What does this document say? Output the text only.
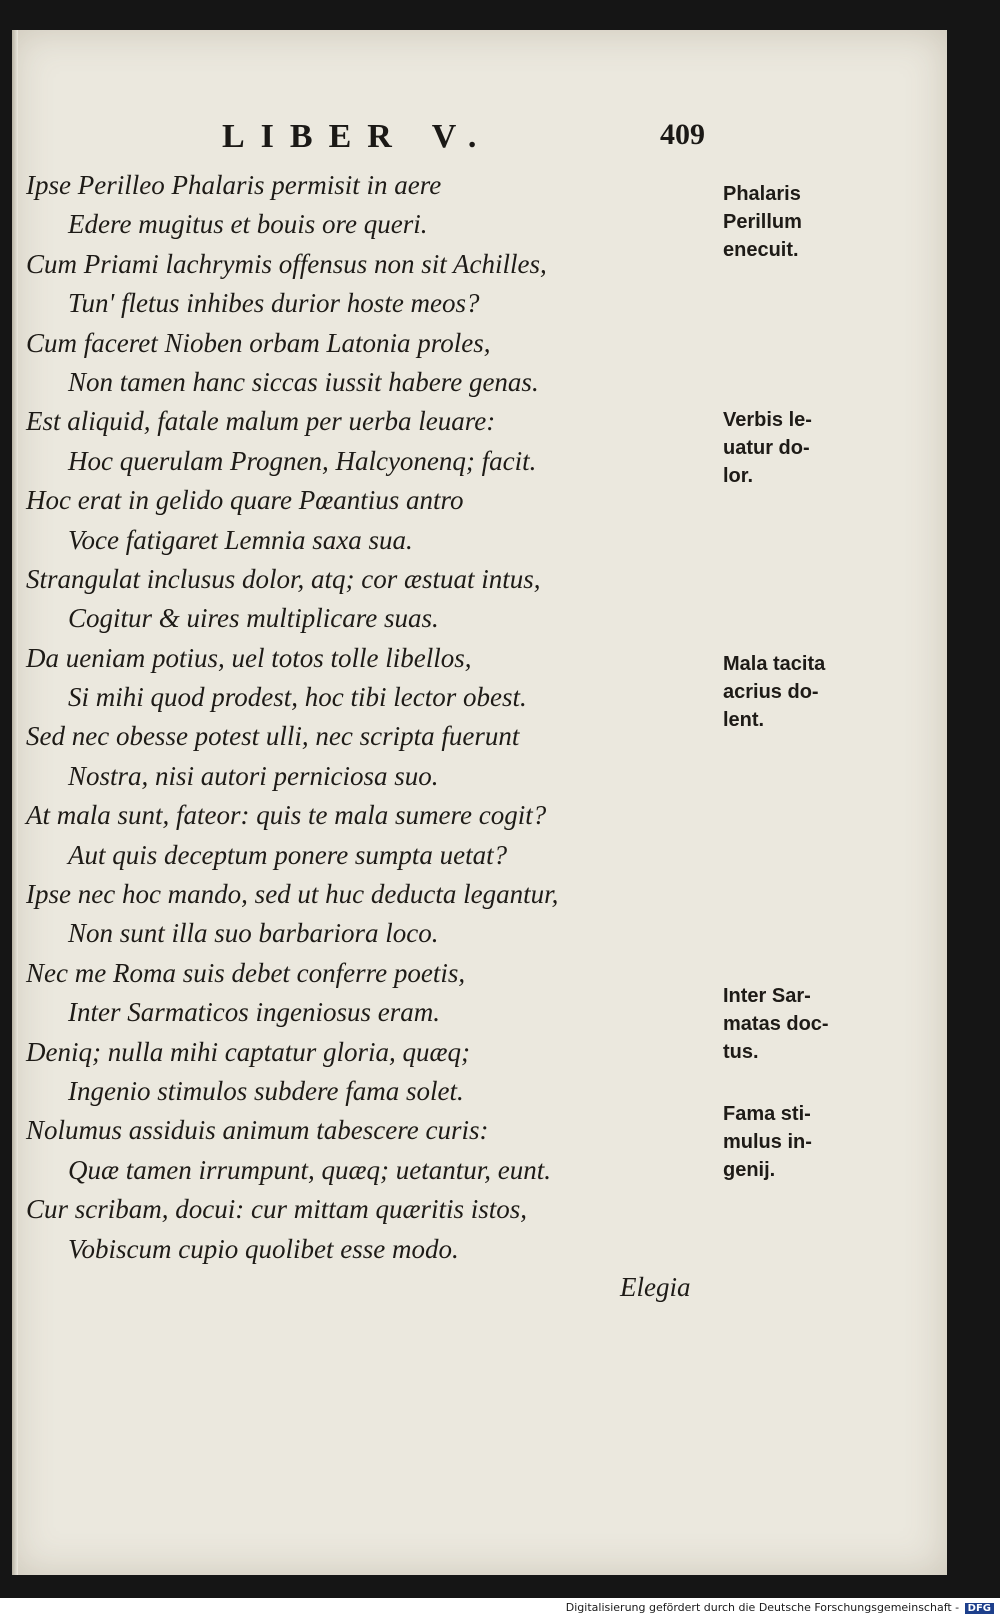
LIBER V.	409
Ipse Perilleo Phalaris permisit in aere
Edere mugitus et bouis ore queri.
Cum Priami lachrymis offensus non sit Achilles,
Tun' fletus inhibes durior hoste meos?
Cum faceret Nioben orbam Latonia proles,
Non tamen hanc siccas iussit habere genas.
Est aliquid, fatale malum per uerba leuare:
Hoc querulam Prognen, Halcyonenq; facit.
Hoc erat in gelido quare Pœantius antro
Voce fatigaret Lemnia saxa sua.
Strangulat inclusus dolor, atq; cor æstuat intus,
Cogitur & uires multiplicare suas.
Da ueniam potius, uel totos tolle libellos,
Si mihi quod prodest, hoc tibi lector obest.
Sed nec obesse potest ulli, nec scripta fuerunt
Nostra, nisi autori perniciosa suo.
At mala sunt, fateor: quis te mala sumere cogit?
Aut quis deceptum ponere sumpta uetat?
Ipse nec hoc mando, sed ut huc deducta legantur,
Non sunt illa suo barbariora loco.
Nec me Roma suis debet conferre poetis,
Inter Sarmaticos ingeniosus eram.
Deniq; nulla mihi captatur gloria, quæq;
Ingenio stimulos subdere fama solet.
Nolumus assiduis animum tabescere curis:
Quæ tamen irrumpunt, quæq; uetantur, eunt.
Cur scribam, docui: cur mittam quæritis istos,
Vobiscum cupio quolibet esse modo.
Phalaris
Perillum
enecuit.
Verbis le-
uatur do-
lor.
Mala tacita
acrius do-
lent.
Inter Sar-
matas doc-
tus.
Fama sti-
mulus in-
genij.
Elegia
Digitalisierung gefördert durch die Deutsche Forschungsgemeinschaft - DFG
